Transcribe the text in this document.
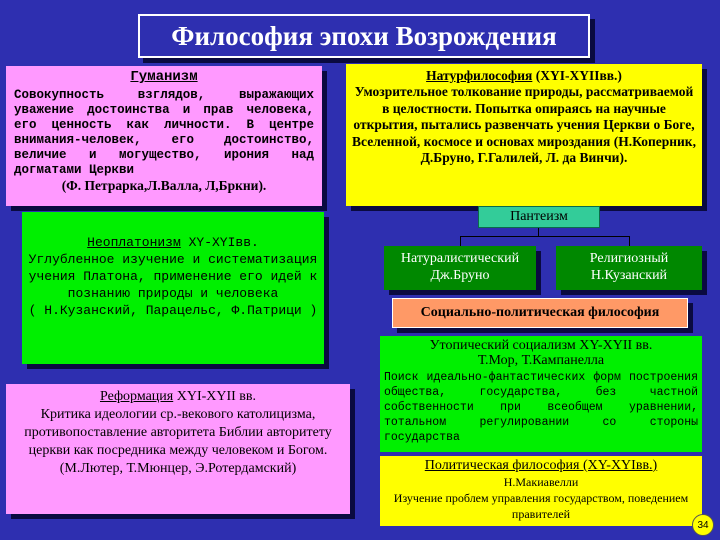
Философия эпохи Возрождения
Гуманизм
Совокупность взглядов, выражающих уважение достоинства и прав человека, его ценность как личности. В центре внимания-человек, его достоинство, величие и могущество, ирония над догматами Церкви
(Ф. Петрарка,Л.Валла, Л,Бркни).
Натурфилософия (XYI-XYIIвв.)
Умозрительное толкование природы, рассматриваемой в целостности. Попытка опираясь на научные открытия, пытались развенчать учения Церкви о Боге, Вселенной, космосе и основах мироздания (Н.Коперник, Д.Бруно, Г.Галилей, Л. да Винчи).
Пантеизм
Натуралистический
Дж.Бруно
Религиозный
Н.Кузанский
Неоплатонизм XY-XYIвв.
Углубленное изучение и систематизация учения Платона, применение его идей к познанию природы и человека
( Н.Кузанский, Парацельс, Ф.Патрици )	Социально-политическая философия
Утопический социализм XY-XYII вв.
Т.Мор, Т.Кампанелла
Поиск идеально-фантастических форм построения общества, государства, без частной собственности при всеобщем уравнении, тотальном регулировании со стороны государства
Реформация XYI-XYII вв.
Критика идеологии ср.-векового католицизма, противопоставление авторитета Библии авторитету церкви как посредника между человеком и Богом.
(М.Лютер, Т.Мюнцер, Э.Ротердамский)	Политическая философия (XY-XYIвв.)
Н.Макиавелли
Изучение проблем управления государством, поведением правителей
34
